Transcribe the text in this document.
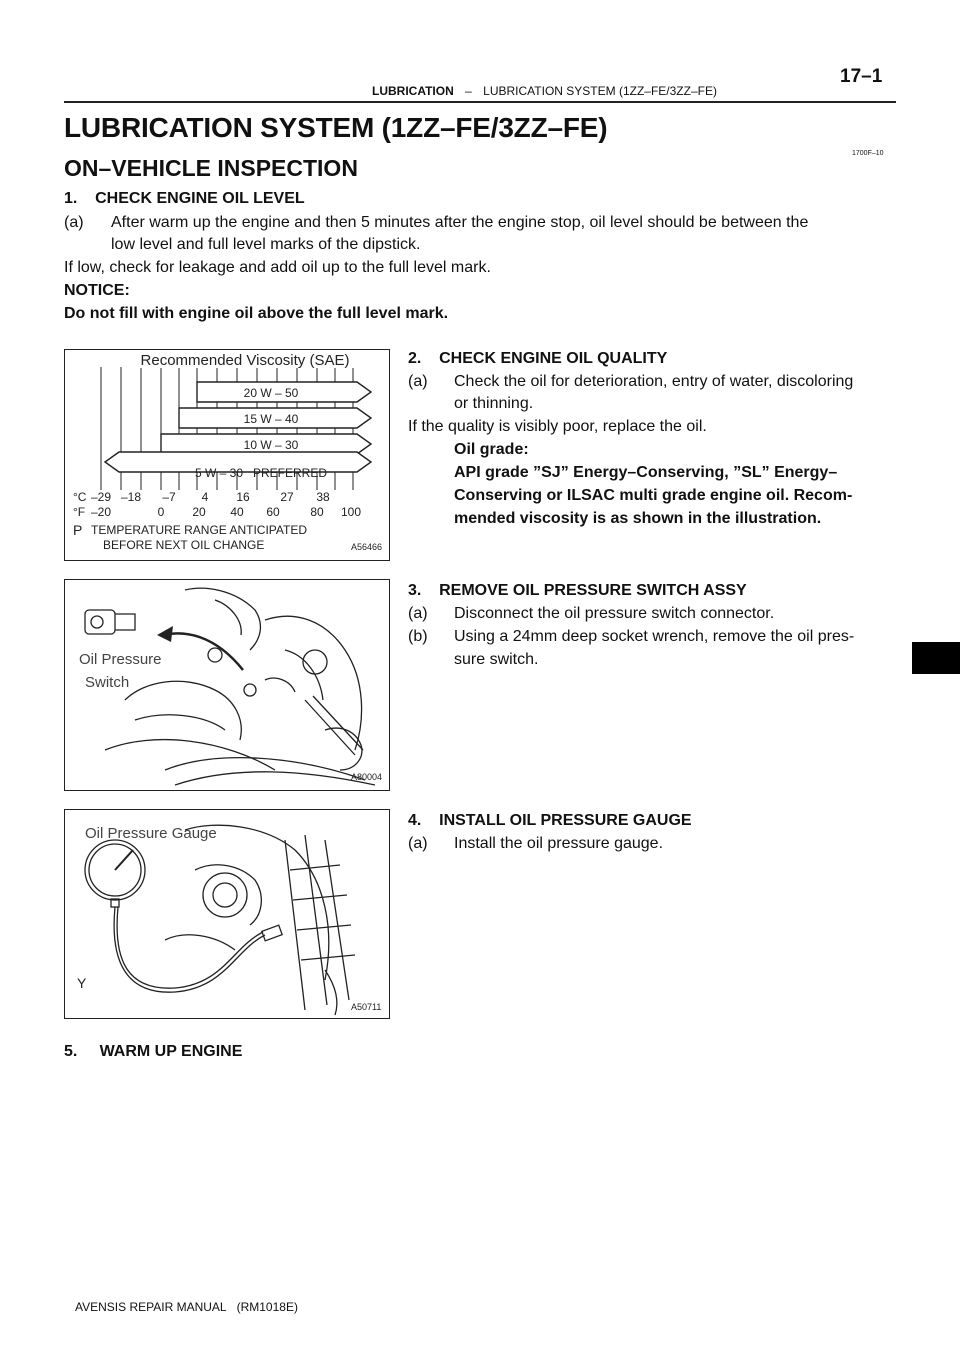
17–1
LUBRICATION – LUBRICATION SYSTEM (1ZZ–FE/3ZZ–FE)
LUBRICATION SYSTEM (1ZZ–FE/3ZZ–FE)
1700F–10
ON–VEHICLE INSPECTION
1.    CHECK ENGINE OIL LEVEL
(a) After warm up the engine and then 5 minutes after the engine stop, oil level should be between the
low level and full level marks of the dipstick.
If low, check for leakage and add oil up to the full level mark.
NOTICE:
Do not fill with engine oil above the full level mark.
Recommended Viscosity (SAE)
20 W – 50
15 W – 40
10 W – 30
5 W – 30   PREFERRED
°C
°F
–29 –18 –7 4 16	27 38
–20	0 20 40 60	80 100
P TEMPERATURE RANGE ANTICIPATED
BEFORE NEXT OIL CHANGE	A56466
2.    CHECK ENGINE OIL QUALITY
(a) Check the oil for deterioration, entry of water, discoloring
or thinning.
If the quality is visibly poor, replace the oil.
Oil grade:
API grade ”SJ” Energy–Conserving, ”SL” Energy–
Conserving or ILSAC multi grade engine oil. Recom-
mended viscosity is as shown in the illustration.
Oil Pressure
Switch
A80004
3.    REMOVE OIL PRESSURE SWITCH ASSY
(a) Disconnect the oil pressure switch connector.
(b) Using a 24mm deep socket wrench, remove the oil pres-
sure switch.
Oil Pressure Gauge
Y
A50711
4.    INSTALL OIL PRESSURE GAUGE
(a) Install the oil pressure gauge.
5.     WARM UP ENGINE
AVENSIS REPAIR MANUAL   (RM1018E)
